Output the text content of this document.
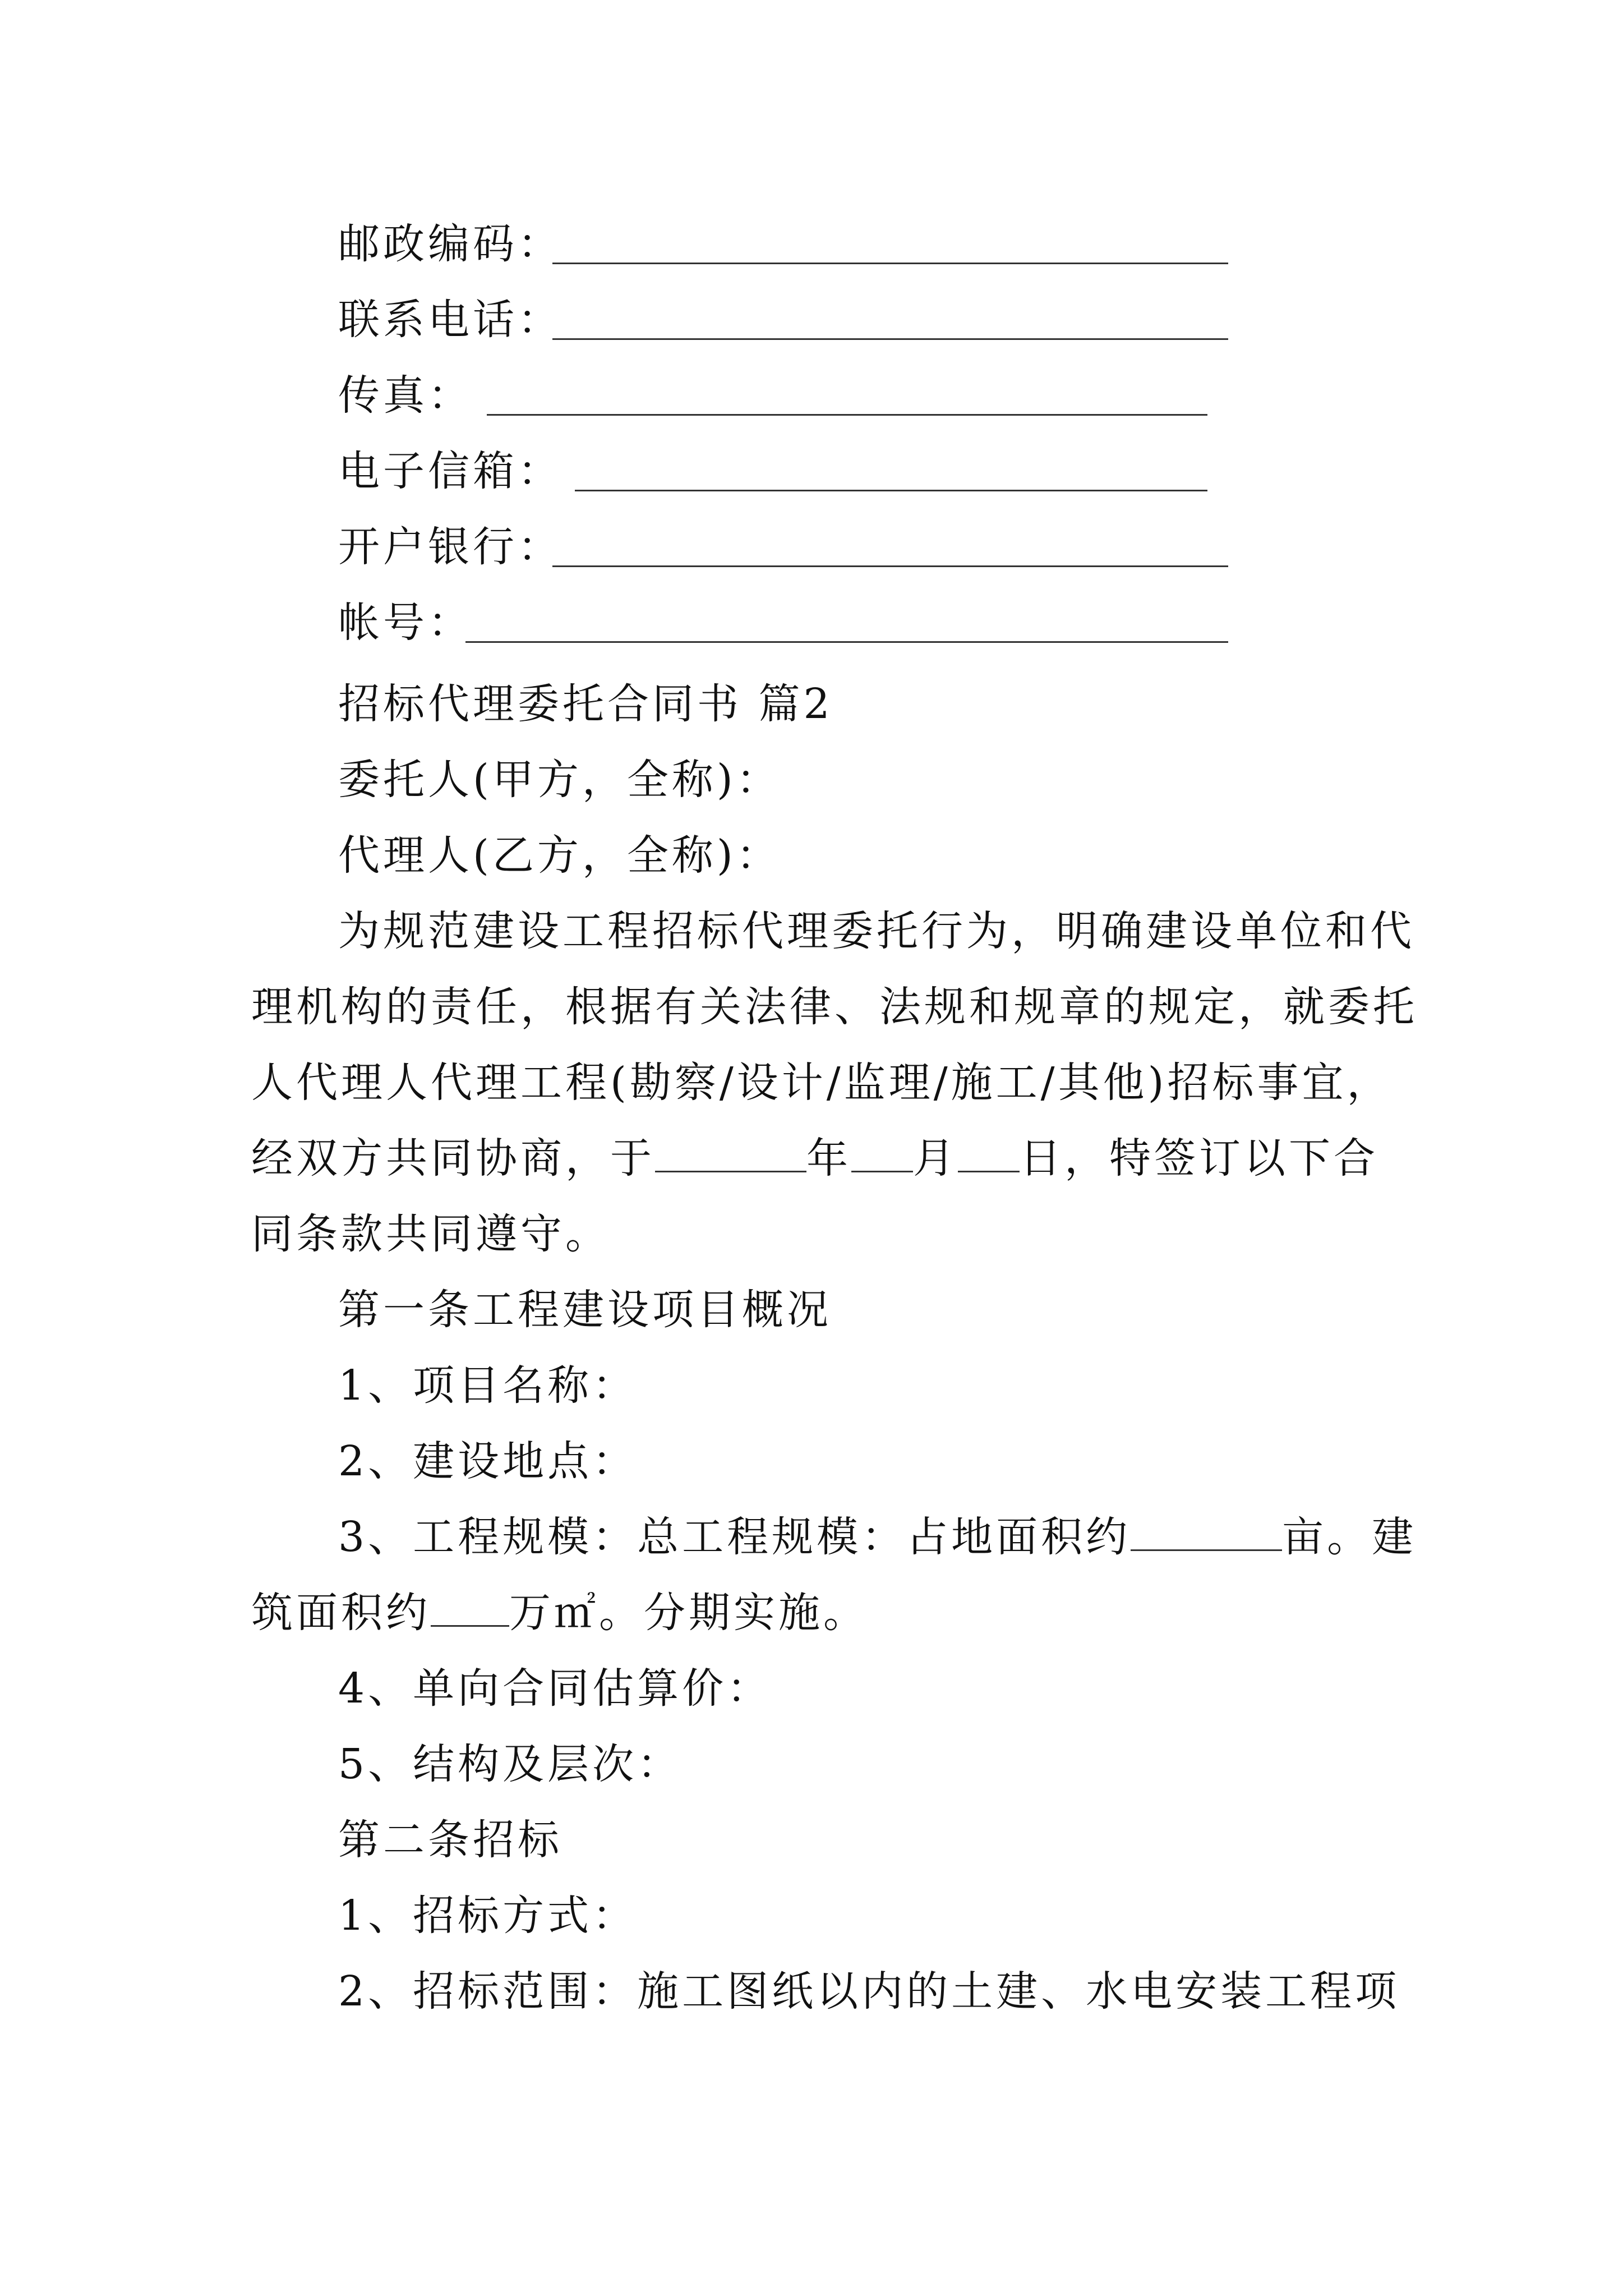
邮政编码：
联系电话：
传真：
电子信箱：
开户银行：
帐号：
招标代理委托合同书 篇2
委托人(甲方，全称)：
代理人(乙方，全称)：
为规范建设工程招标代理委托行为，明确建设单位和代
理机构的责任，根据有关法律、法规和规章的规定，就委托
人代理人代理工程(勘察/设计/监理/施工/其他)招标事宜，
经双方共同协商，于	年 月 日，特签订以下合
同条款共同遵守。
第一条工程建设项目概况
1、项目名称：
2、建设地点：
3、工程规模：总工程规模：占地面积约	亩。建
筑面积约 万㎡。分期实施。
4、单向合同估算价：
5、结构及层次：
第二条招标
1、招标方式：
2、招标范围：施工图纸以内的土建、水电安装工程项
